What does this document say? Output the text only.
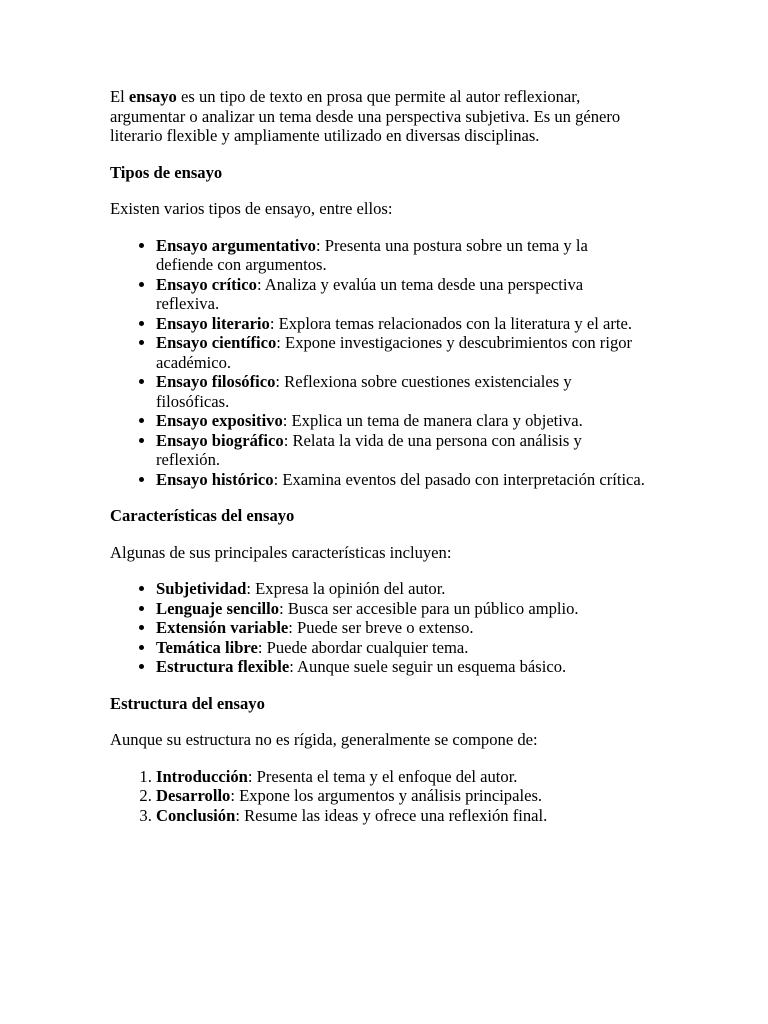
El ensayo es un tipo de texto en prosa que permite al autor reflexionar, argumentar o analizar un tema desde una perspectiva subjetiva. Es un género literario flexible y ampliamente utilizado en diversas disciplinas.

Tipos de ensayo

Existen varios tipos de ensayo, entre ellos:

• Ensayo argumentativo: Presenta una postura sobre un tema y la defiende con argumentos.
• Ensayo crítico: Analiza y evalúa un tema desde una perspectiva reflexiva.
• Ensayo literario: Explora temas relacionados con la literatura y el arte.
• Ensayo científico: Expone investigaciones y descubrimientos con rigor académico.
• Ensayo filosófico: Reflexiona sobre cuestiones existenciales y filosóficas.
• Ensayo expositivo: Explica un tema de manera clara y objetiva.
• Ensayo biográfico: Relata la vida de una persona con análisis y reflexión.
• Ensayo histórico: Examina eventos del pasado con interpretación crítica.

Características del ensayo

Algunas de sus principales características incluyen:

• Subjetividad: Expresa la opinión del autor.
• Lenguaje sencillo: Busca ser accesible para un público amplio.
• Extensión variable: Puede ser breve o extenso.
• Temática libre: Puede abordar cualquier tema.
• Estructura flexible: Aunque suele seguir un esquema básico.

Estructura del ensayo

Aunque su estructura no es rígida, generalmente se compone de:

1. Introducción: Presenta el tema y el enfoque del autor.
2. Desarrollo: Expone los argumentos y análisis principales.
3. Conclusión: Resume las ideas y ofrece una reflexión final.
